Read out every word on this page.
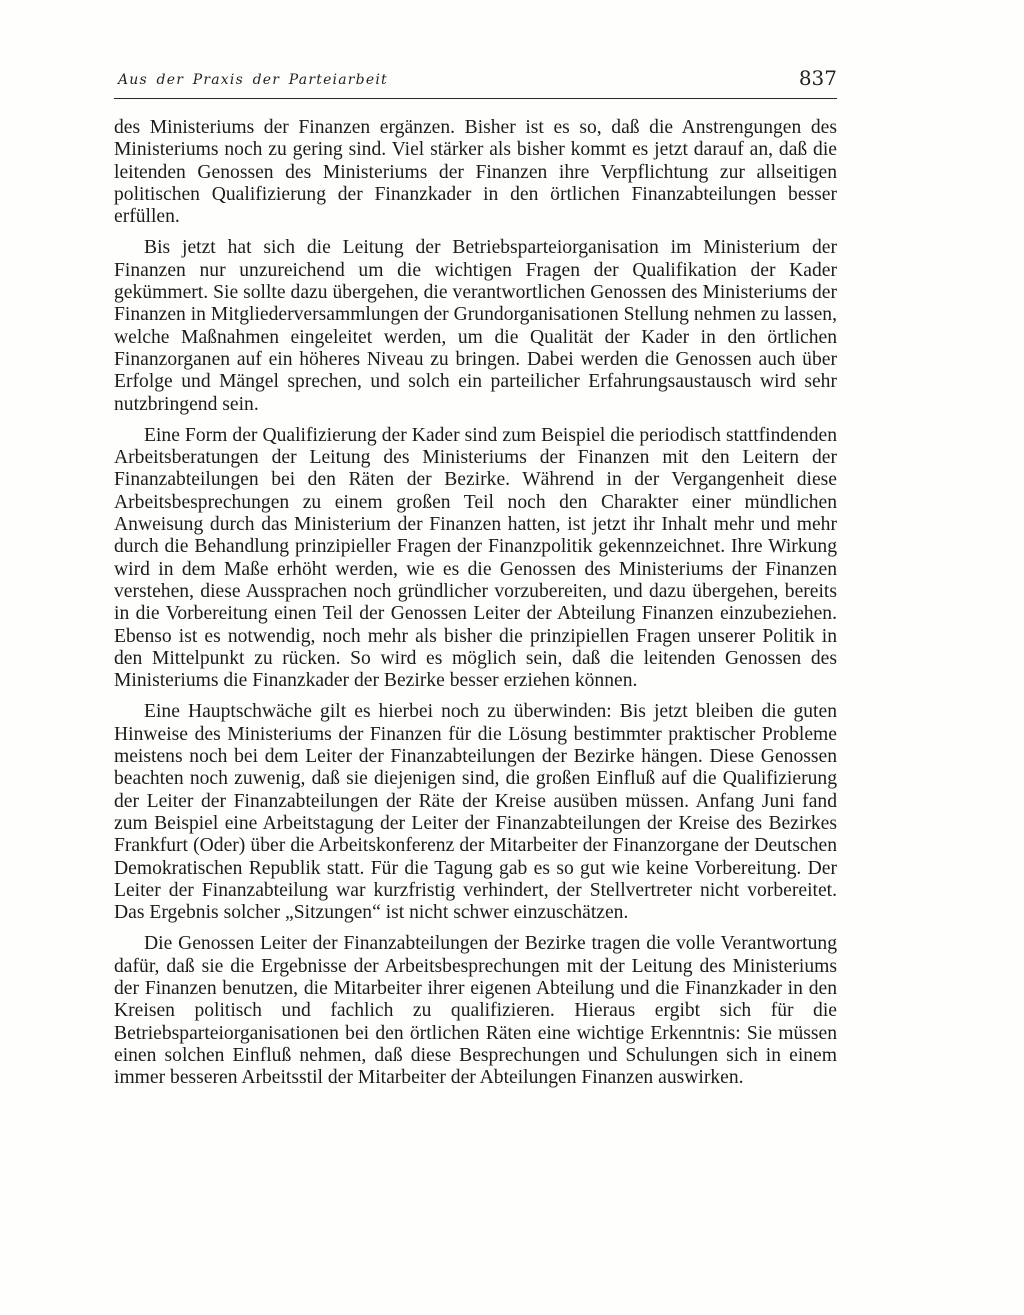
Aus der Praxis der Parteiarbeit	837

des Ministeriums der Finanzen ergänzen. Bisher ist es so, daß die Anstrengungen des Ministeriums noch zu gering sind. Viel stärker als bisher kommt es jetzt darauf an, daß die leitenden Genossen des Ministeriums der Finanzen ihre Verpflichtung zur allseitigen politischen Qualifizierung der Finanzkader in den örtlichen Finanzabteilungen besser erfüllen.

Bis jetzt hat sich die Leitung der Betriebsparteiorganisation im Ministerium der Finanzen nur unzureichend um die wichtigen Fragen der Qualifikation der Kader gekümmert. Sie sollte dazu übergehen, die verantwortlichen Genossen des Ministeriums der Finanzen in Mitgliederversammlungen der Grundorganisationen Stellung nehmen zu lassen, welche Maßnahmen eingeleitet werden, um die Qualität der Kader in den örtlichen Finanzorganen auf ein höheres Niveau zu bringen. Dabei werden die Genossen auch über Erfolge und Mängel sprechen, und solch ein parteilicher Erfahrungsaustausch wird sehr nutzbringend sein.

Eine Form der Qualifizierung der Kader sind zum Beispiel die periodisch stattfindenden Arbeitsberatungen der Leitung des Ministeriums der Finanzen mit den Leitern der Finanzabteilungen bei den Räten der Bezirke. Während in der Vergangenheit diese Arbeitsbesprechungen zu einem großen Teil noch den Charakter einer mündlichen Anweisung durch das Ministerium der Finanzen hatten, ist jetzt ihr Inhalt mehr und mehr durch die Behandlung prinzipieller Fragen der Finanzpolitik gekennzeichnet. Ihre Wirkung wird in dem Maße erhöht werden, wie es die Genossen des Ministeriums der Finanzen verstehen, diese Aussprachen noch gründlicher vorzubereiten, und dazu übergehen, bereits in die Vorbereitung einen Teil der Genossen Leiter der Abteilung Finanzen einzubeziehen. Ebenso ist es notwendig, noch mehr als bisher die prinzipiellen Fragen unserer Politik in den Mittelpunkt zu rücken. So wird es möglich sein, daß die leitenden Genossen des Ministeriums die Finanzkader der Bezirke besser erziehen können.

Eine Hauptschwäche gilt es hierbei noch zu überwinden: Bis jetzt bleiben die guten Hinweise des Ministeriums der Finanzen für die Lösung bestimmter praktischer Probleme meistens noch bei dem Leiter der Finanzabteilungen der Bezirke hängen. Diese Genossen beachten noch zuwenig, daß sie diejenigen sind, die großen Einfluß auf die Qualifizierung der Leiter der Finanzabteilungen der Räte der Kreise ausüben müssen. Anfang Juni fand zum Beispiel eine Arbeitstagung der Leiter der Finanzabteilungen der Kreise des Bezirkes Frankfurt (Oder) über die Arbeitskonferenz der Mitarbeiter der Finanzorgane der Deutschen Demokratischen Republik statt. Für die Tagung gab es so gut wie keine Vorbereitung. Der Leiter der Finanzabteilung war kurzfristig verhindert, der Stellvertreter nicht vorbereitet. Das Ergebnis solcher „Sitzungen“ ist nicht schwer einzuschätzen.

Die Genossen Leiter der Finanzabteilungen der Bezirke tragen die volle Verantwortung dafür, daß sie die Ergebnisse der Arbeitsbesprechungen mit der Leitung des Ministeriums der Finanzen benutzen, die Mitarbeiter ihrer eigenen Abteilung und die Finanzkader in den Kreisen politisch und fachlich zu qualifizieren. Hieraus ergibt sich für die Betriebsparteiorganisationen bei den örtlichen Räten eine wichtige Erkenntnis: Sie müssen einen solchen Einfluß nehmen, daß diese Besprechungen und Schulungen sich in einem immer besseren Arbeitsstil der Mitarbeiter der Abteilungen Finanzen auswirken.
